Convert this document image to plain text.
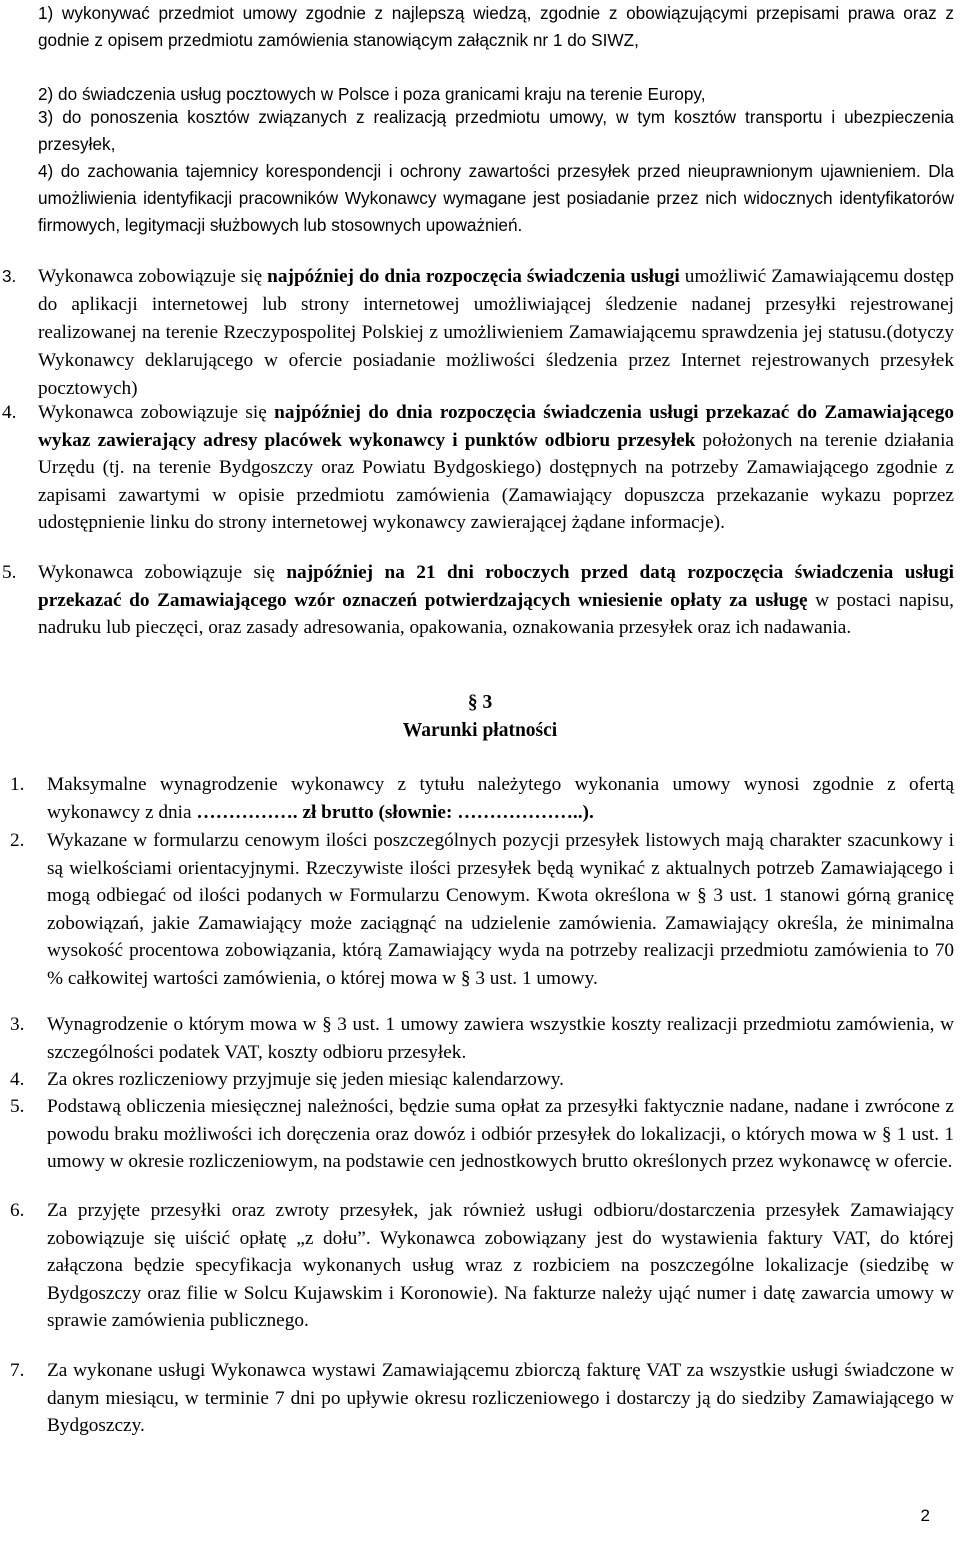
1) wykonywać przedmiot umowy zgodnie z najlepszą wiedzą, zgodnie z obowiązującymi przepisami prawa oraz z godnie z opisem przedmiotu zamówienia stanowiącym załącznik nr 1 do SIWZ,

2) do świadczenia usług pocztowych w Polsce i poza granicami kraju na terenie Europy,

3) do ponoszenia kosztów związanych z realizacją przedmiotu umowy, w tym kosztów transportu i ubezpieczenia przesyłek,

4) do zachowania tajemnicy korespondencji i ochrony zawartości przesyłek przed nieuprawnionym ujawnieniem. Dla umożliwienia identyfikacji pracowników Wykonawcy wymagane jest posiadanie przez nich widocznych identyfikatorów firmowych, legitymacji służbowych lub stosownych upoważnień.

3. Wykonawca zobowiązuje się najpóźniej do dnia rozpoczęcia świadczenia usługi umożliwić Zamawiającemu dostęp do aplikacji internetowej lub strony internetowej umożliwiającej śledzenie nadanej przesyłki rejestrowanej realizowanej na terenie Rzeczypospolitej Polskiej z umożliwieniem Zamawiającemu sprawdzenia jej statusu.(dotyczy Wykonawcy deklarującego w ofercie posiadanie możliwości śledzenia przez Internet rejestrowanych przesyłek pocztowych)

4. Wykonawca zobowiązuje się najpóźniej do dnia rozpoczęcia świadczenia usługi przekazać do Zamawiającego wykaz zawierający adresy placówek wykonawcy i punktów odbioru przesyłek położonych na terenie działania Urzędu (tj. na terenie Bydgoszczy oraz Powiatu Bydgoskiego) dostępnych na potrzeby Zamawiającego zgodnie z zapisami zawartymi w opisie przedmiotu zamówienia (Zamawiający dopuszcza przekazanie wykazu poprzez udostępnienie linku do strony internetowej wykonawcy zawierającej żądane informacje).

5. Wykonawca zobowiązuje się najpóźniej na 21 dni roboczych przed datą rozpoczęcia świadczenia usługi przekazać do Zamawiającego wzór oznaczeń potwierdzających wniesienie opłaty za usługę w postaci napisu, nadruku lub pieczęci, oraz zasady adresowania, opakowania, oznakowania przesyłek oraz ich nadawania.

§ 3

Warunki płatności

1. Maksymalne wynagrodzenie wykonawcy z tytułu należytego wykonania umowy wynosi zgodnie z ofertą wykonawcy z dnia ……………. zł brutto (słownie: ………………..).

2. Wykazane w formularzu cenowym ilości poszczególnych pozycji przesyłek listowych mają charakter szacunkowy i są wielkościami orientacyjnymi. Rzeczywiste ilości przesyłek będą wynikać z aktualnych potrzeb Zamawiającego i mogą odbiegać od ilości podanych w Formularzu Cenowym. Kwota określona w § 3 ust. 1 stanowi górną granicę zobowiązań, jakie Zamawiający może zaciągnąć na udzielenie zamówienia. Zamawiający określa, że minimalna wysokość procentowa zobowiązania, którą Zamawiający wyda na potrzeby realizacji przedmiotu zamówienia to 70 % całkowitej wartości zamówienia, o której mowa w § 3 ust. 1 umowy.

3. Wynagrodzenie o którym mowa w § 3 ust. 1 umowy zawiera wszystkie koszty realizacji przedmiotu zamówienia, w szczególności podatek VAT, koszty odbioru przesyłek.

4. Za okres rozliczeniowy przyjmuje się jeden miesiąc kalendarzowy.

5. Podstawą obliczenia miesięcznej należności, będzie suma opłat za przesyłki faktycznie nadane, nadane i zwrócone z powodu braku możliwości ich doręczenia oraz dowóz i odbiór przesyłek do lokalizacji, o których mowa w § 1 ust. 1 umowy w okresie rozliczeniowym, na podstawie cen jednostkowych brutto określonych przez wykonawcę w ofercie.

6. Za przyjęte przesyłki oraz zwroty przesyłek, jak również usługi odbioru/dostarczenia przesyłek Zamawiający zobowiązuje się uiścić opłatę „z dołu”. Wykonawca zobowiązany jest do wystawienia faktury VAT, do której załączona będzie specyfikacja wykonanych usług wraz z rozbiciem na poszczególne lokalizacje (siedzibę w Bydgoszczy oraz filie w Solcu Kujawskim i Koronowie). Na fakturze należy ująć numer i datę zawarcia umowy w sprawie zamówienia publicznego.

7. Za wykonane usługi Wykonawca wystawi Zamawiającemu zbiorczą fakturę VAT za wszystkie usługi świadczone w danym miesiącu, w terminie 7 dni po upływie okresu rozliczeniowego i dostarczy ją do siedziby Zamawiającego w Bydgoszczy.

2
